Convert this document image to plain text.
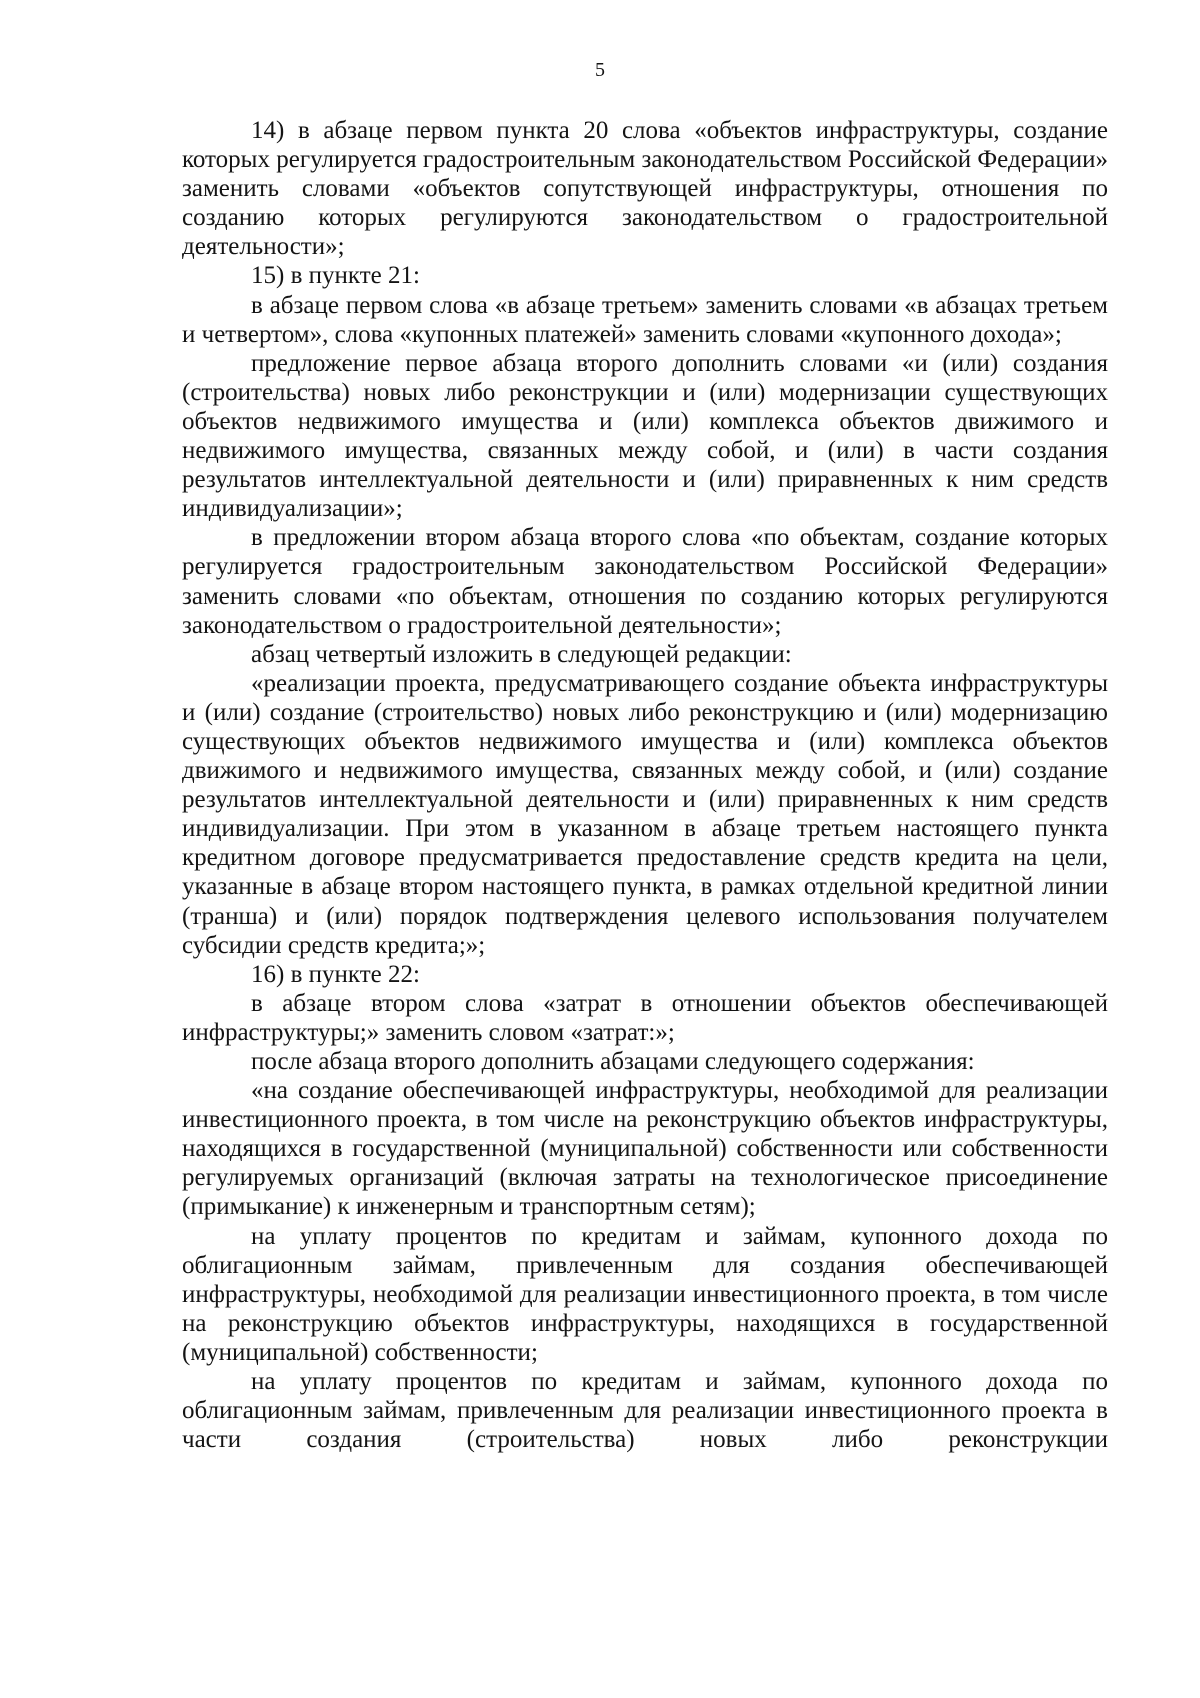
5

14) в абзаце первом пункта 20 слова «объектов инфраструктуры, создание которых регулируется градостроительным законодательством Российской Федерации» заменить словами «объектов сопутствующей инфраструктуры, отношения по созданию которых регулируются законодательством о градостроительной деятельности»;

15) в пункте 21:

в абзаце первом слова «в абзаце третьем» заменить словами «в абзацах третьем и четвертом», слова «купонных платежей» заменить словами «купонного дохода»;

предложение первое абзаца второго дополнить словами «и (или) создания (строительства) новых либо реконструкции и (или) модернизации существующих объектов недвижимого имущества и (или) комплекса объектов движимого и недвижимого имущества, связанных между собой, и (или) в части создания результатов интеллектуальной деятельности и (или) приравненных к ним средств индивидуализации»;

в предложении втором абзаца второго слова «по объектам, создание которых регулируется градостроительным законодательством Российской Федерации» заменить словами «по объектам, отношения по созданию которых регулируются законодательством о градостроительной деятельности»;

абзац четвертый изложить в следующей редакции:

«реализации проекта, предусматривающего создание объекта инфраструктуры и (или) создание (строительство) новых либо реконструкцию и (или) модернизацию существующих объектов недвижимого имущества и (или) комплекса объектов движимого и недвижимого имущества, связанных между собой, и (или) создание результатов интеллектуальной деятельности и (или) приравненных к ним средств индивидуализации. При этом в указанном в абзаце третьем настоящего пункта кредитном договоре предусматривается предоставление средств кредита на цели, указанные в абзаце втором настоящего пункта, в рамках отдельной кредитной линии (транша) и (или) порядок подтверждения целевого использования получателем субсидии средств кредита;»;

16) в пункте 22:

в абзаце втором слова «затрат в отношении объектов обеспечивающей инфраструктуры;» заменить словом «затрат:»;

после абзаца второго дополнить абзацами следующего содержания:

«на создание обеспечивающей инфраструктуры, необходимой для реализации инвестиционного проекта, в том числе на реконструкцию объектов инфраструктуры, находящихся в государственной (муниципальной) собственности или собственности регулируемых организаций (включая затраты на технологическое присоединение (примыкание) к инженерным и транспортным сетям);

на уплату процентов по кредитам и займам, купонного дохода по облигационным займам, привлеченным для создания обеспечивающей инфраструктуры, необходимой для реализации инвестиционного проекта, в том числе на реконструкцию объектов инфраструктуры, находящихся в государственной (муниципальной) собственности;

на уплату процентов по кредитам и займам, купонного дохода по облигационным займам, привлеченным для реализации инвестиционного проекта в части создания (строительства) новых либо реконструкции
